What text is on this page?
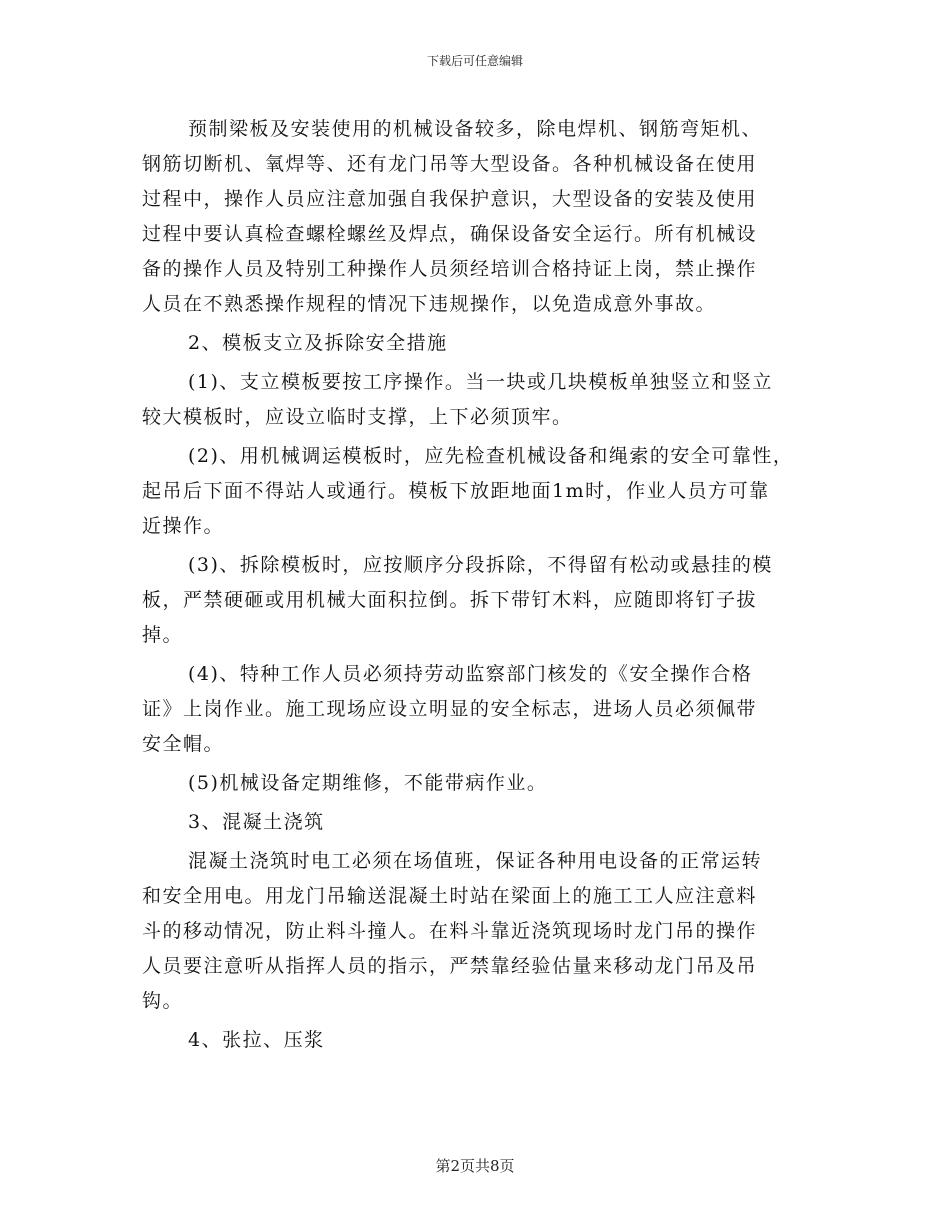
下载后可任意编辑
预制梁板及安装使用的机械设备较多，除电焊机、钢筋弯矩机、
钢筋切断机、氧焊等、还有龙门吊等大型设备。各种机械设备在使用
过程中，操作人员应注意加强自我保护意识，大型设备的安装及使用
过程中要认真检查螺栓螺丝及焊点，确保设备安全运行。所有机械设
备的操作人员及特别工种操作人员须经培训合格持证上岗，禁止操作
人员在不熟悉操作规程的情况下违规操作，以免造成意外事故。
2、模板支立及拆除安全措施
(1)、支立模板要按工序操作。当一块或几块模板单独竖立和竖立
较大模板时，应设立临时支撑，上下必须顶牢。
(2)、用机械调运模板时，应先检查机械设备和绳索的安全可靠性，
起吊后下面不得站人或通行。模板下放距地面1m时，作业人员方可靠
近操作。
(3)、拆除模板时，应按顺序分段拆除，不得留有松动或悬挂的模
板，严禁硬砸或用机械大面积拉倒。拆下带钉木料，应随即将钉子拔
掉。
(4)、特种工作人员必须持劳动监察部门核发的《安全操作合格
证》上岗作业。施工现场应设立明显的安全标志，进场人员必须佩带
安全帽。
(5)机械设备定期维修，不能带病作业。
3、混凝土浇筑
混凝土浇筑时电工必须在场值班，保证各种用电设备的正常运转
和安全用电。用龙门吊输送混凝土时站在梁面上的施工工人应注意料
斗的移动情况，防止料斗撞人。在料斗靠近浇筑现场时龙门吊的操作
人员要注意听从指挥人员的指示，严禁靠经验估量来移动龙门吊及吊
钩。
4、张拉、压浆
第2页共8页
